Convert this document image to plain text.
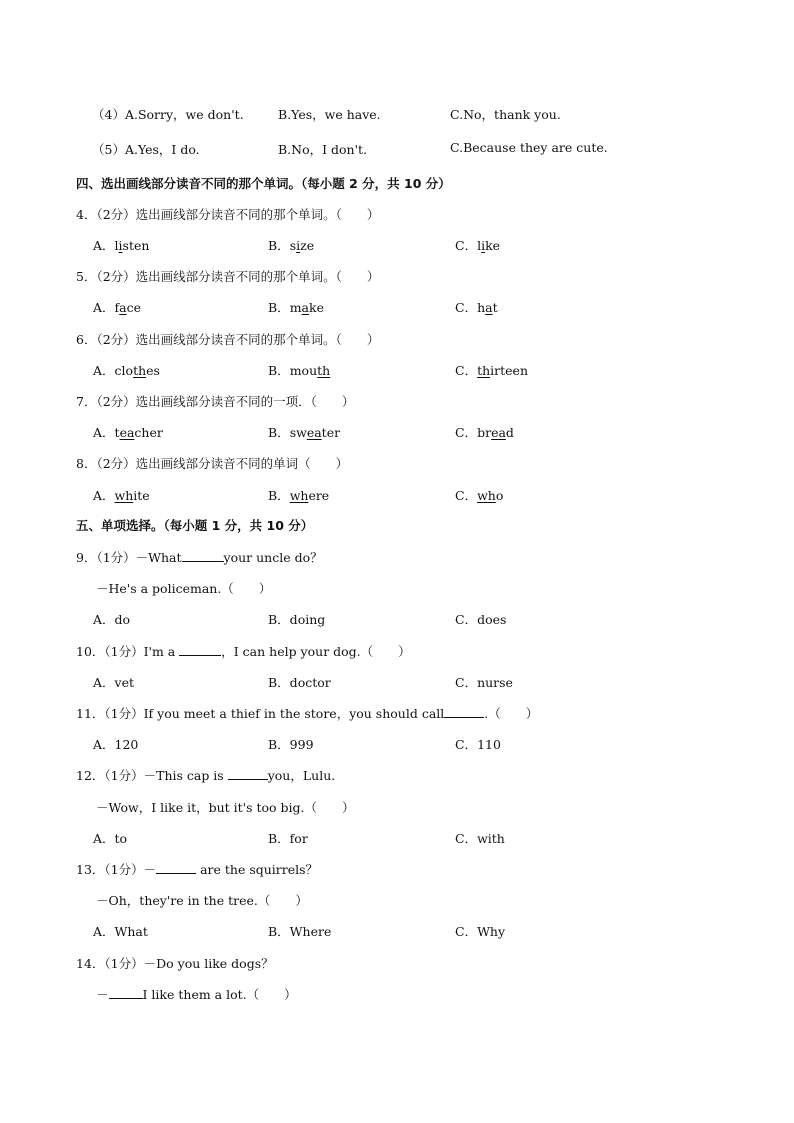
（4）A.Sorry，we don't.	B.Yes，we have.	C.No，thank you.
（5）A.Yes，I do.	B.No，I don't.	C.Because they are cute.
四、选出画线部分读音不同的那个单词。（每小题 2 分，共 10 分）
4．（2分）选出画线部分读音不同的那个单词。（　　）
A．listen	B．size	C．like
5．（2分）选出画线部分读音不同的那个单词。（　　）
A．face	B．make	C．hat
6．（2分）选出画线部分读音不同的那个单词。（　　）
A．clothes	B．mouth	C．thirteen
7．（2分）选出画线部分读音不同的一项．（　　）
A．teacher	B．sweater	C．bread
8．（2分）选出画线部分读音不同的单词（　　）
A．white	B．where	C．who
五、单项选择。（每小题 1 分，共 10 分）
9．（1分）－What	your uncle do？
－He's a policeman.（　　）
A．do	B．doing	C．does
10．（1分）I'm a	，I can help your dog.（　　）
A．vet	B．doctor	C．nurse
11．（1分）If you meet a thief in the store，you should call	.（　　）
A．120	B．999	C．110
12．（1分）－This cap is	you，Lulu.
－Wow，I like it，but it's too big.（　　）
A．to	B．for	C．with
13．（1分）－	are the squirrels？
－Oh，they're in the tree.（　　）
A．What	B．Where	C．Why
14．（1分）－Do you like dogs？
－	I like them a lot.（　　）
